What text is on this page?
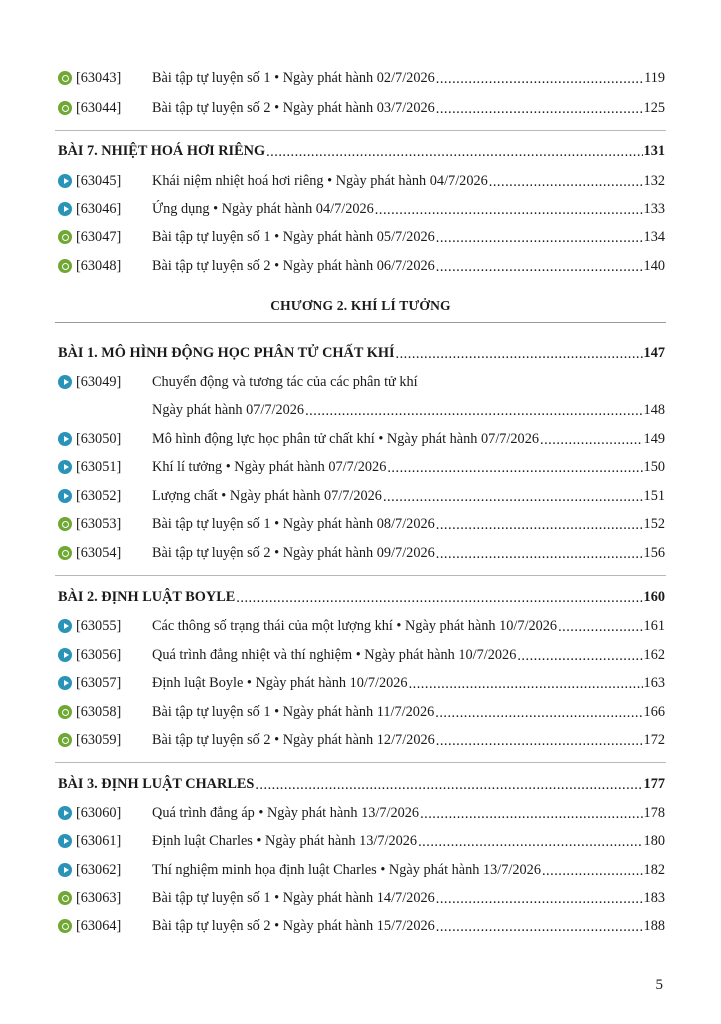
[63043]	Bài tập tự luyện số 1 • Ngày phát hành 02/7/2026 .....	119
[63044]	Bài tập tự luyện số 2 • Ngày phát hành 03/7/2026 .....	125
BÀI 7. NHIỆT HOÁ HƠI RIÊNG .....	131
[63045]	Khái niệm nhiệt hoá hơi riêng • Ngày phát hành 04/7/2026 .....	132
[63046]	Ứng dụng • Ngày phát hành 04/7/2026 .....	133
[63047]	Bài tập tự luyện số 1 • Ngày phát hành 05/7/2026 .....	134
[63048]	Bài tập tự luyện số 2 • Ngày phát hành 06/7/2026 .....	140
CHƯƠNG 2. KHÍ LÍ TƯỞNG
BÀI 1. MÔ HÌNH ĐỘNG HỌC PHÂN TỬ CHẤT KHÍ .....	147
[63049]	Chuyển động và tương tác của các phân tử khí
Ngày phát hành 07/7/2026 .....	148
[63050]	Mô hình động lực học phân tử chất khí • Ngày phát hành 07/7/2026 .....	149
[63051]	Khí lí tưởng • Ngày phát hành 07/7/2026 .....	150
[63052]	Lượng chất • Ngày phát hành 07/7/2026 .....	151
[63053]	Bài tập tự luyện số 1 • Ngày phát hành 08/7/2026 .....	152
[63054]	Bài tập tự luyện số 2 • Ngày phát hành 09/7/2026 .....	156
BÀI 2. ĐỊNH LUẬT BOYLE .....	160
[63055]	Các thông số trạng thái của một lượng khí • Ngày phát hành 10/7/2026 .....	161
[63056]	Quá trình đẳng nhiệt và thí nghiệm • Ngày phát hành 10/7/2026 .....	162
[63057]	Định luật Boyle • Ngày phát hành 10/7/2026 .....	163
[63058]	Bài tập tự luyện số 1 • Ngày phát hành 11/7/2026 .....	166
[63059]	Bài tập tự luyện số 2 • Ngày phát hành 12/7/2026 .....	172
BÀI 3. ĐỊNH LUẬT CHARLES .....	177
[63060]	Quá trình đẳng áp • Ngày phát hành 13/7/2026 .....	178
[63061]	Định luật Charles • Ngày phát hành 13/7/2026 .....	180
[63062]	Thí nghiệm minh họa định luật Charles • Ngày phát hành 13/7/2026 .....	182
[63063]	Bài tập tự luyện số 1 • Ngày phát hành 14/7/2026 .....	183
[63064]	Bài tập tự luyện số 2 • Ngày phát hành 15/7/2026 .....	188
5
